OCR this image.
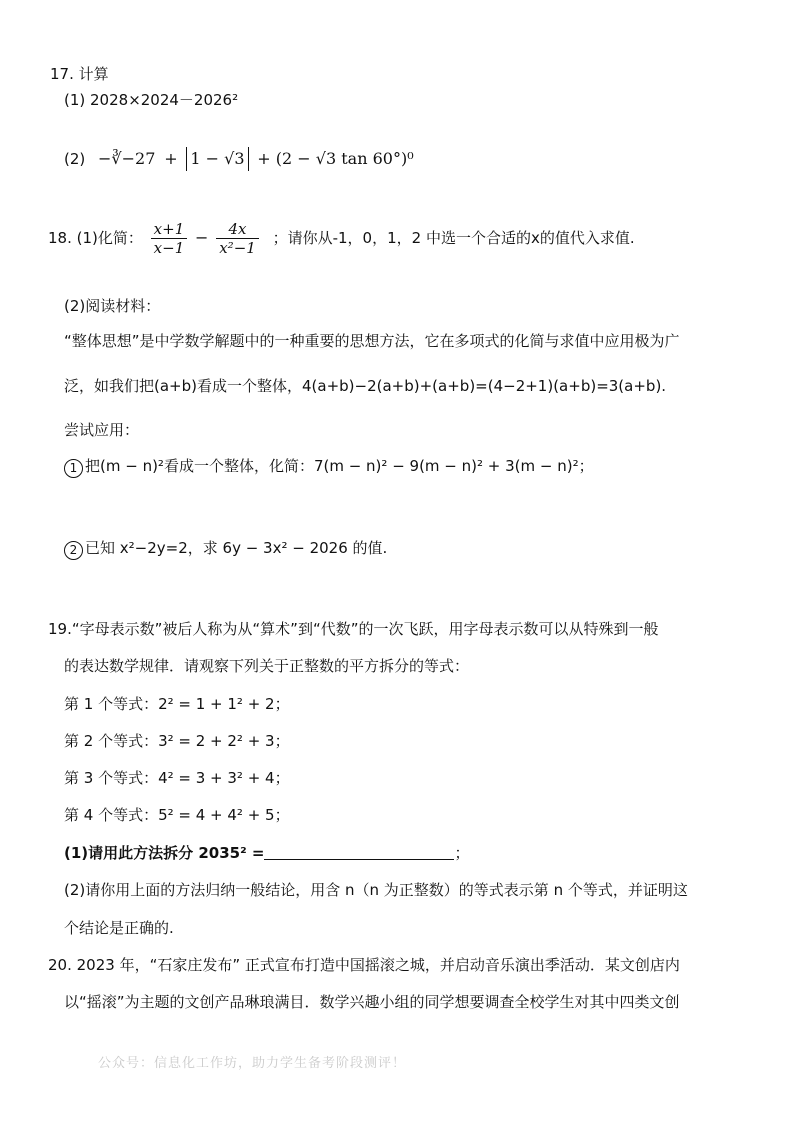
17. 计算
(1) 2028×2024－2026²
(2) −∛−27 + 1 − √3 + (2 − √3 tan 60°)⁰
18. (1)化简： $\frac{x+1}{x-1} - \frac{4x}{\text{x²−1}}$ ；请你从-1，0，1，2 中选一个合适的x的值代入求值.
(2)阅读材料：
“整体思想”是中学数学解题中的一种重要的思想方法，它在多项式的化简与求值中应用极为广
泛，如我们把(a+b)看成一个整体，4(a+b)−2(a+b)+(a+b)=(4−2+1)(a+b)=3(a+b).
尝试应用：
1 把(m − n)²看成一个整体，化简：7(m − n)² − 9(m − n)² + 3(m − n)²；
2 已知 x²−2y=2，求 6y − 3x² − 2026 的值.
19.“字母表示数”被后人称为从“算术”到“代数”的一次飞跃，用字母表示数可以从特殊到一般
的表达数学规律．请观察下列关于正整数的平方拆分的等式：
第 1 个等式：2² = 1 + 1² + 2；
第 2 个等式：3² = 2 + 2² + 3；
第 3 个等式：4² = 3 + 3² + 4；
第 4 个等式：5² = 4 + 4² + 5；
(1)请用此方法拆分 2035² =	；
(2)请你用上面的方法归纳一般结论，用含 n（n 为正整数）的等式表示第 n 个等式，并证明这
个结论是正确的.
20. 2023 年，“石家庄发布” 正式宣布打造中国摇滚之城，并启动音乐演出季活动．某文创店内
以“摇滚”为主题的文创产品琳琅满目．数学兴趣小组的同学想要调查全校学生对其中四类文创
公众号：信息化工作坊，助力学生备考阶段测评！
